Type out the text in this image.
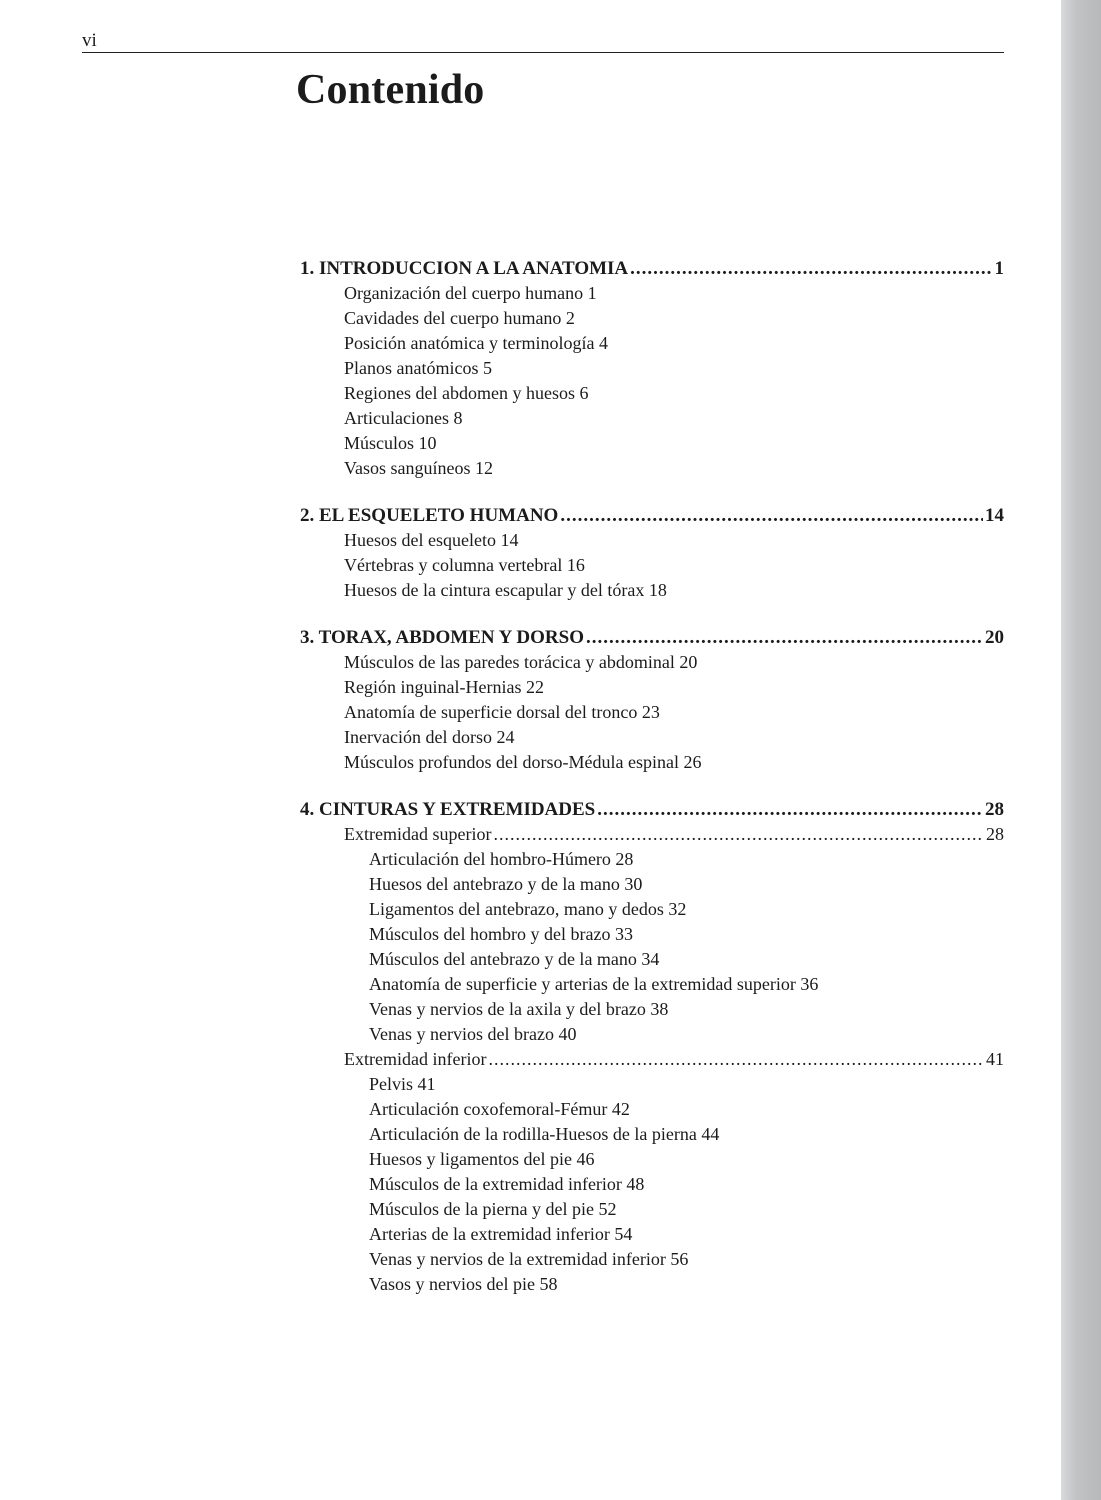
vi
Contenido
1. INTRODUCCION A LA ANATOMIA .....	1
Organización del cuerpo humano 1
Cavidades del cuerpo humano 2
Posición anatómica y terminología 4
Planos anatómicos 5
Regiones del abdomen y huesos 6
Articulaciones 8
Músculos 10
Vasos sanguíneos 12
2. EL ESQUELETO HUMANO .....	14
Huesos del esqueleto 14
Vértebras y columna vertebral 16
Huesos de la cintura escapular y del tórax 18
3. TORAX, ABDOMEN Y DORSO .....	20
Músculos de las paredes torácica y abdominal 20
Región inguinal-Hernias 22
Anatomía de superficie dorsal del tronco 23
Inervación del dorso 24
Músculos profundos del dorso-Médula espinal 26
4. CINTURAS Y EXTREMIDADES .....	28
Extremidad superior .....	28
Articulación del hombro-Húmero 28
Huesos del antebrazo y de la mano 30
Ligamentos del antebrazo, mano y dedos 32
Músculos del hombro y del brazo 33
Músculos del antebrazo y de la mano 34
Anatomía de superficie y arterias de la extremidad superior 36
Venas y nervios de la axila y del brazo 38
Venas y nervios del brazo 40
Extremidad inferior .....	41
Pelvis 41
Articulación coxofemoral-Fémur 42
Articulación de la rodilla-Huesos de la pierna 44
Huesos y ligamentos del pie 46
Músculos de la extremidad inferior 48
Músculos de la pierna y del pie 52
Arterias de la extremidad inferior 54
Venas y nervios de la extremidad inferior 56
Vasos y nervios del pie 58
